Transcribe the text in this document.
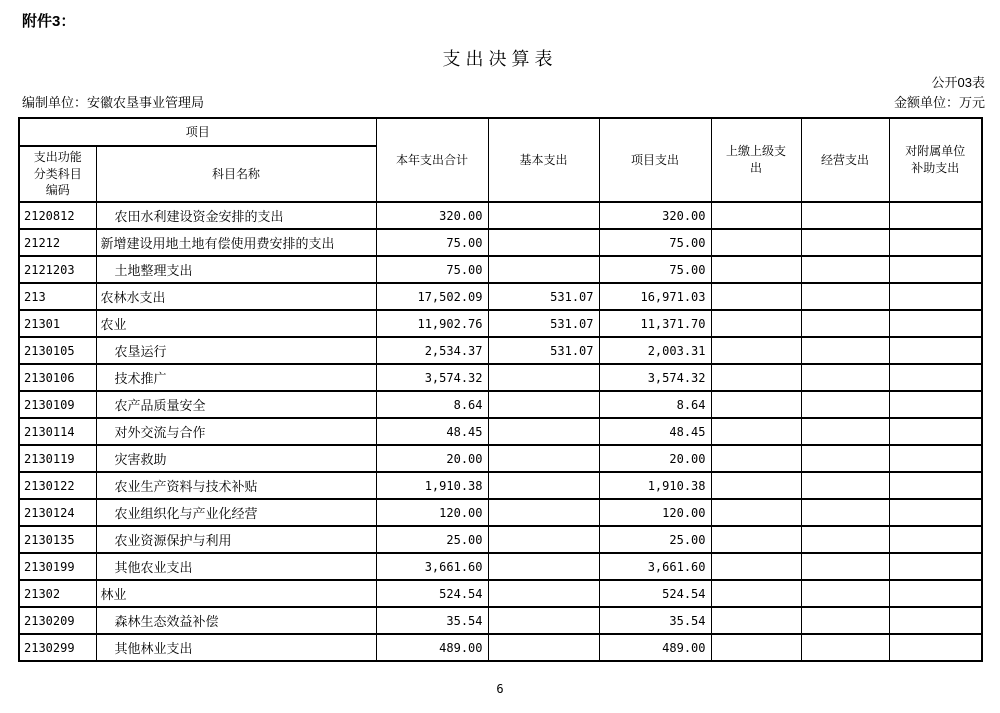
附件3：
支出决算表
公开03表
编制单位：安徽农垦事业管理局	金额单位：万元
项目		本年支出合计	基本支出	项目支出	上缴上级支出	经营支出	对附属单位补助支出
支出功能分类科目编码	科目名称						
2120812	农田水利建设资金安排的支出	320.00		320.00			
21212	新增建设用地土地有偿使用费安排的支出	75.00		75.00			
2121203	土地整理支出	75.00		75.00			
213	农林水支出	17,502.09	531.07	16,971.03			
21301	农业	11,902.76	531.07	11,371.70			
2130105	农垦运行	2,534.37	531.07	2,003.31			
2130106	技术推广	3,574.32		3,574.32			
2130109	农产品质量安全	8.64		8.64			
2130114	对外交流与合作	48.45		48.45			
2130119	灾害救助	20.00		20.00			
2130122	农业生产资料与技术补贴	1,910.38		1,910.38			
2130124	农业组织化与产业化经营	120.00		120.00			
2130135	农业资源保护与利用	25.00		25.00			
2130199	其他农业支出	3,661.60		3,661.60			
21302	林业	524.54		524.54			
2130209	森林生态效益补偿	35.54		35.54			
2130299	其他林业支出	489.00		489.00			
6
